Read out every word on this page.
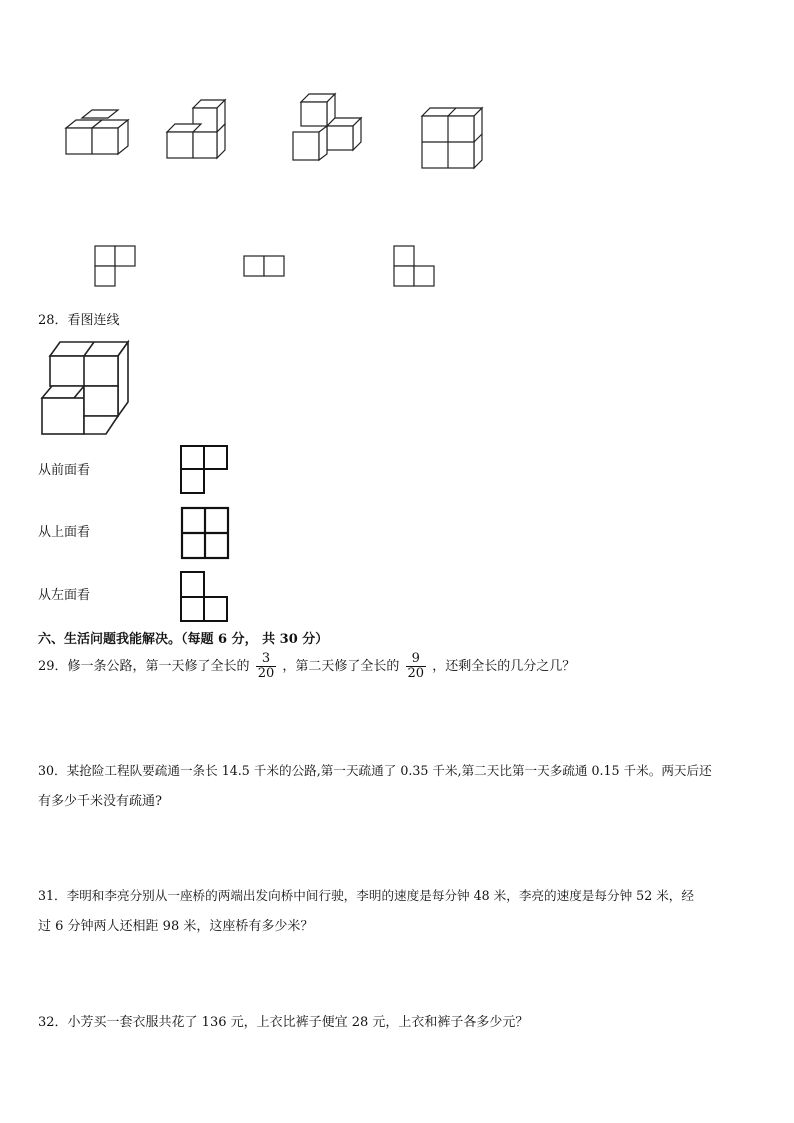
28．看图连线
从前面看
从上面看
从左面看
六、生活问题我能解决。（每题 6 分， 共 30 分）
29．修一条公路，第一天修了全长的 $\frac{3}{20}$ ，第二天修了全长的 $\frac{9}{20}$ ，还剩全长的几分之几？
30．某抢险工程队要疏通一条长 14.5 千米的公路,第一天疏通了 0.35 千米,第二天比第一天多疏通 0.15 千米。两天后还
有多少千米没有疏通?
31．李明和李亮分别从一座桥的两端出发向桥中间行驶，李明的速度是每分钟 48 米，李亮的速度是每分钟 52 米，经
过 6 分钟两人还相距 98 米，这座桥有多少米？
32．小芳买一套衣服共花了 136 元，上衣比裤子便宜 28 元，上衣和裤子各多少元？
